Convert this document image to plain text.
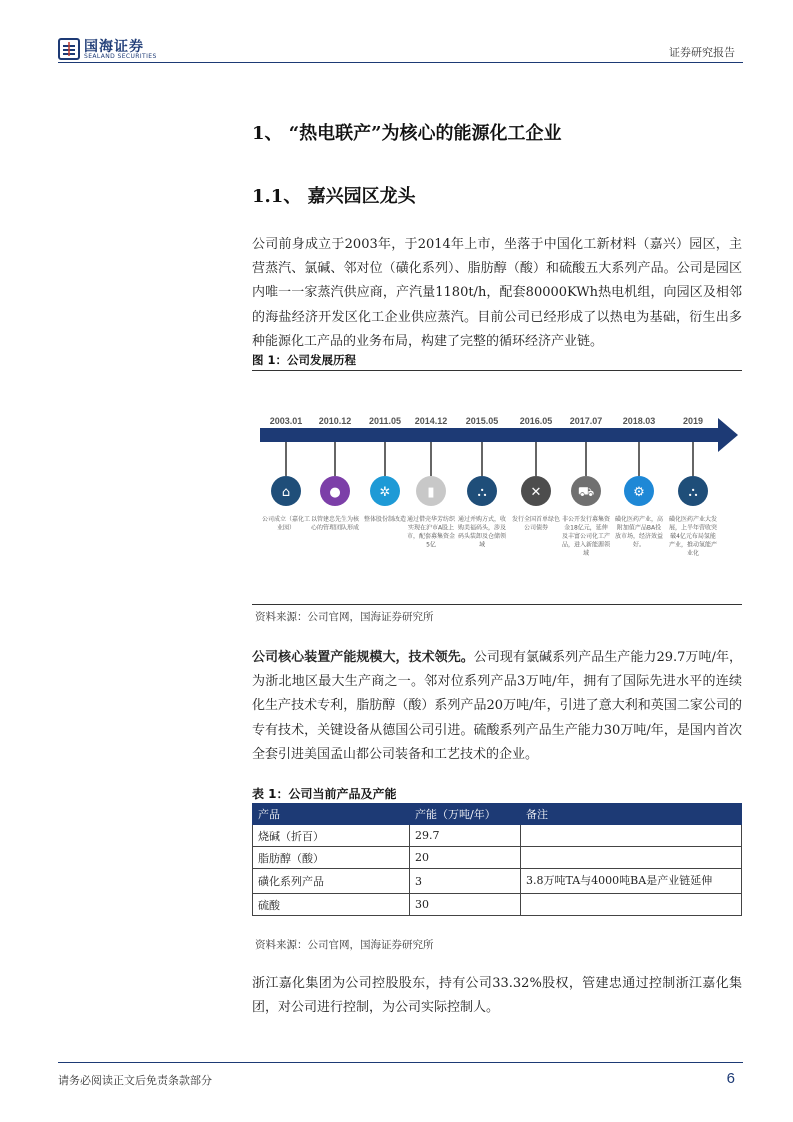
国海证券
SEALAND SECURITIES	证券研究报告
1、 “热电联产”为核心的能源化工企业
1.1、 嘉兴园区龙头
公司前身成立于2003年，于2014年上市，坐落于中国化工新材料（嘉兴）园区，主营蒸汽、氯碱、邻对位（磺化系列）、脂肪醇（酸）和硫酸五大系列产品。公司是园区内唯一一家蒸汽供应商，产汽量1180t/h，配套80000KWh热电机组，向园区及相邻的海盐经济开发区化工企业供应蒸汽。目前公司已经形成了以热电为基础，衍生出多种能源化工产品的业务布局，构建了完整的循环经济产业链。
图 1：公司发展历程
2003.01
⌂
公司成立（嘉化工业园）
2010.12
●
以管建忠先生为核心的管理团队形成
2011.05
✲
整体股份制改造
2014.12
▮
通过借壳华芳纺织实现在沪市A股上市，配套募集资金 5亿
2015.05
⛬
通过并购方式，收购美福码头，涉及码头装卸及仓储领域
2016.05
✕
发行全国首单绿色公司债券
2017.07
⛟
非公开发行募集资金18亿元，延伸及丰富公司化工产品，进入新能源领域
2018.03
⚙
磺化医药产业，高附加值产品BA投放市场，经济效益好。
2019
⛬
磺化医药产业大发展，上半年营收突破4亿元布局氢能产业，推动氢能产业化
资料来源：公司官网，国海证券研究所
公司核心装置产能规模大，技术领先。公司现有氯碱系列产品生产能力29.7万吨/年，为浙北地区最大生产商之一。邻对位系列产品3万吨/年，拥有了国际先进水平的连续化生产技术专利，脂肪醇（酸）系列产品20万吨/年，引进了意大利和英国二家公司的专有技术，关键设备从德国公司引进。硫酸系列产品生产能力30万吨/年，是国内首次全套引进美国孟山都公司装备和工艺技术的企业。
表 1：公司当前产品及产能
产品	产能（万吨/年）	备注
烧碱（折百）	29.7	
脂肪醇（酸）	20	
磺化系列产品	3	3.8万吨TA与4000吨BA是产业链延伸
硫酸	30	
资料来源：公司官网，国海证券研究所
浙江嘉化集团为公司控股股东，持有公司33.32%股权，管建忠通过控制浙江嘉化集团，对公司进行控制，为公司实际控制人。
请务必阅读正文后免责条款部分	6
